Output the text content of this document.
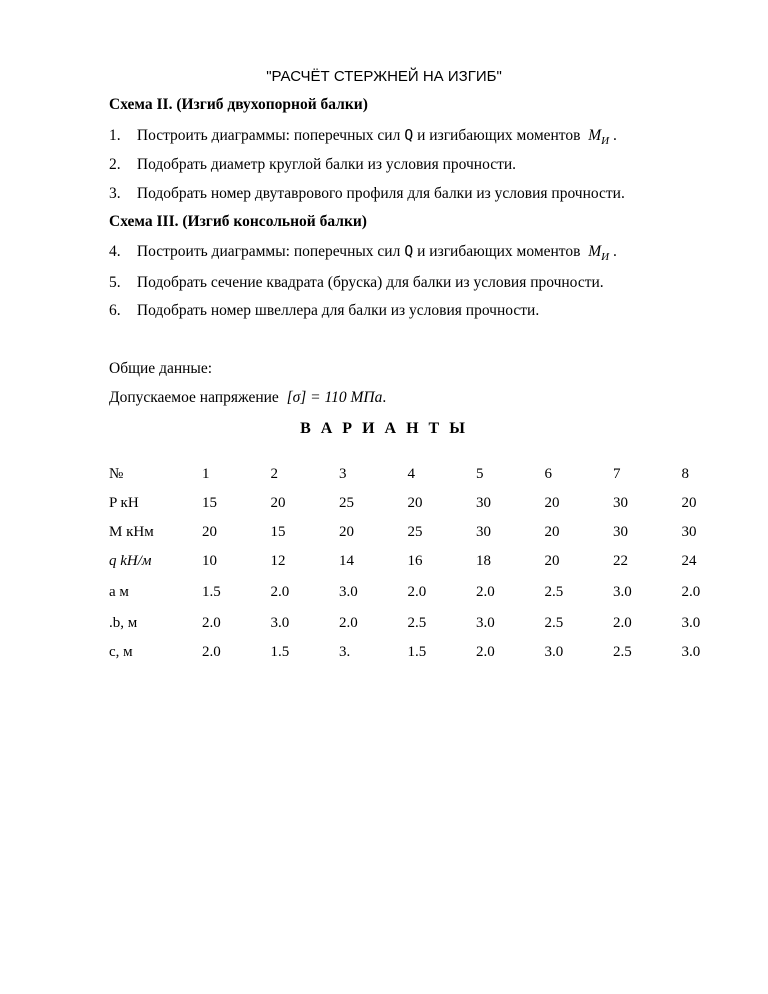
"РАСЧЁТ СТЕРЖНЕЙ НА ИЗГИБ"
Схема II. (Изгиб двухопорной балки)
1. Построить диаграммы: поперечных сил Q и изгибающих моментов $M_И$ .
2. Подобрать диаметр круглой балки из условия прочности.
3. Подобрать номер двутаврового профиля для балки из условия прочности.
Схема III. (Изгиб консольной балки)
4. Построить диаграммы: поперечных сил Q и изгибающих моментов $M_И$ .
5. Подобрать сечение квадрата (бруска) для балки из условия прочности.
6. Подобрать номер швеллера для балки из условия прочности.
Общие данные:
Допускаемое напряжение [σ] = 110 МПа.
В А Р И А Н Т Ы
№	1	2	3	4	5	6	7	8
P кН	15	20	25	20	30	20	30	20
M кНм	20	15	20	25	30	20	30	30
q kH/м	10	12	14	16	18	20	22	24
a м	1.5	2.0	3.0	2.0	2.0	2.5	3.0	2.0
.b, м	2.0	3.0	2.0	2.5	3.0	2.5	2.0	3.0
c, м	2.0	1.5	3.	1.5	2.0	3.0	2.5	3.0
